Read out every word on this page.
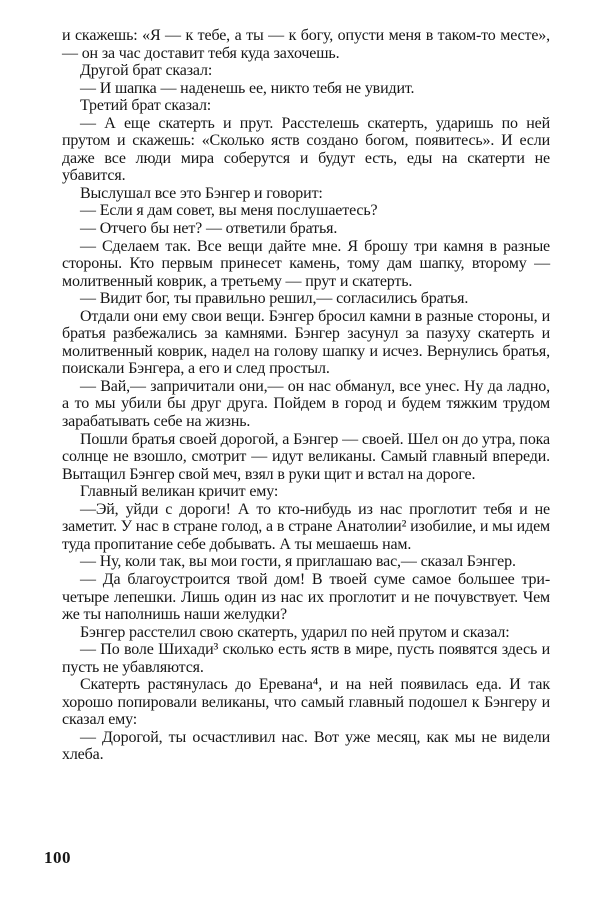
и скажешь: «Я — к тебе, а ты — к богу, опусти меня в таком-то месте»,— он за час доставит тебя куда захочешь.

Другой брат сказал:

— И шапка — наденешь ее, никто тебя не увидит.

Третий брат сказал:

— А еще скатерть и прут. Расстелешь скатерть, ударишь по ней прутом и скажешь: «Сколько яств создано богом, появитесь». И если даже все люди мира соберутся и будут есть, еды на скатерти не убавится.

Выслушал все это Бэнгер и говорит:

— Если я дам совет, вы меня послушаетесь?

— Отчего бы нет? — ответили братья.

— Сделаем так. Все вещи дайте мне. Я брошу три камня в разные стороны. Кто первым принесет камень, тому дам шапку, второму — молитвенный коврик, а третьему — прут и скатерть.

— Видит бог, ты правильно решил,— согласились братья.

Отдали они ему свои вещи. Бэнгер бросил камни в разные стороны, и братья разбежались за камнями. Бэнгер засунул за пазуху скатерть и молитвенный коврик, надел на голову шапку и исчез. Вернулись братья, поискали Бэнгера, а его и след простыл.

— Вай,— запричитали они,— он нас обманул, все унес. Ну да ладно, а то мы убили бы друг друга. Пойдем в город и будем тяжким трудом зарабатывать себе на жизнь.

Пошли братья своей дорогой, а Бэнгер — своей. Шел он до утра, пока солнце не взошло, смотрит — идут великаны. Самый главный впереди. Вытащил Бэнгер свой меч, взял в руки щит и встал на дороге.

Главный великан кричит ему:

—Эй, уйди с дороги! А то кто-нибудь из нас проглотит тебя и не заметит. У нас в стране голод, а в стране Анатолии² изобилие, и мы идем туда пропитание себе добывать. А ты мешаешь нам.

— Ну, коли так, вы мои гости, я приглашаю вас,— сказал Бэнгер.

— Да благоустроится твой дом! В твоей суме самое большее три-четыре лепешки. Лишь один из нас их проглотит и не почувствует. Чем же ты наполнишь наши желудки?

Бэнгер расстелил свою скатерть, ударил по ней прутом и сказал:

— По воле Шихади³ сколько есть яств в мире, пусть появятся здесь и пусть не убавляются.

Скатерть растянулась до Еревана⁴, и на ней появилась еда. И так хорошо попировали великаны, что самый главный подошел к Бэнгеру и сказал ему:

— Дорогой, ты осчастливил нас. Вот уже месяц, как мы не видели хлеба.

100
